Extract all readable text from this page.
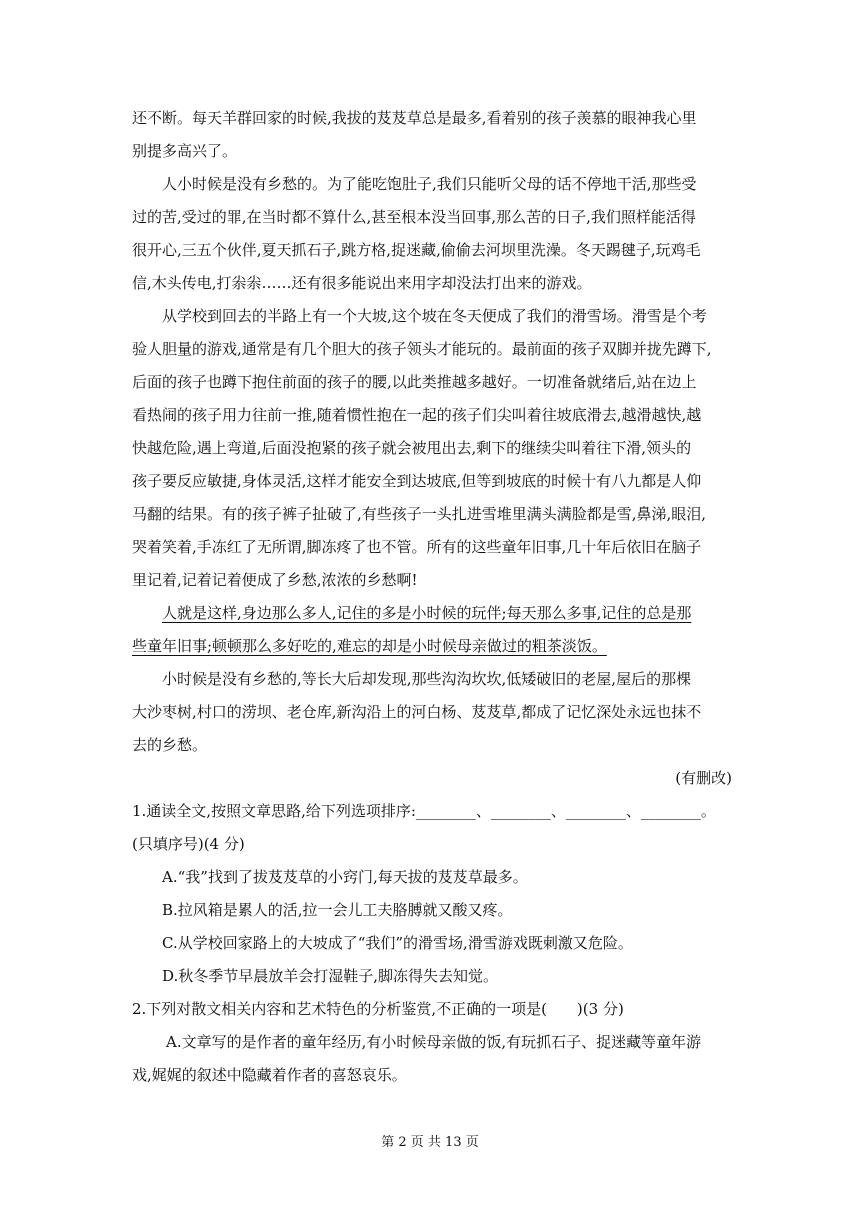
还不断。每天羊群回家的时候,我拔的芨芨草总是最多,看着别的孩子羡慕的眼神我心里
别提多高兴了。
人小时候是没有乡愁的。为了能吃饱肚子,我们只能听父母的话不停地干活,那些受
过的苦,受过的罪,在当时都不算什么,甚至根本没当回事,那么苦的日子,我们照样能活得
很开心,三五个伙伴,夏天抓石子,跳方格,捉迷藏,偷偷去河坝里洗澡。冬天踢毽子,玩鸡毛
信,木头传电,打尜尜……还有很多能说出来用字却没法打出来的游戏。
从学校到回去的半路上有一个大坡,这个坡在冬天便成了我们的滑雪场。滑雪是个考
验人胆量的游戏,通常是有几个胆大的孩子领头才能玩的。最前面的孩子双脚并拢先蹲下,
后面的孩子也蹲下抱住前面的孩子的腰,以此类推越多越好。一切准备就绪后,站在边上
看热闹的孩子用力往前一推,随着惯性抱在一起的孩子们尖叫着往坡底滑去,越滑越快,越
快越危险,遇上弯道,后面没抱紧的孩子就会被甩出去,剩下的继续尖叫着往下滑,领头的
孩子要反应敏捷,身体灵活,这样才能安全到达坡底,但等到坡底的时候十有八九都是人仰
马翻的结果。有的孩子裤子扯破了,有些孩子一头扎进雪堆里满头满脸都是雪,鼻涕,眼泪,
哭着笑着,手冻红了无所谓,脚冻疼了也不管。所有的这些童年旧事,几十年后依旧在脑子
里记着,记着记着便成了乡愁,浓浓的乡愁啊!
人就是这样,身边那么多人,记住的多是小时候的玩伴;每天那么多事,记住的总是那
些童年旧事;顿顿那么多好吃的,难忘的却是小时候母亲做过的粗茶淡饭。
小时候是没有乡愁的,等长大后却发现,那些沟沟坎坎,低矮破旧的老屋,屋后的那棵
大沙枣树,村口的涝坝、老仓库,新沟沿上的河白杨、芨芨草,都成了记忆深处永远也抹不
去的乡愁。
(有删改)
1.通读全文,按照文章思路,给下列选项排序:________、________、________、________。
(只填序号)(4 分)
A.“我”找到了拔芨芨草的小窍门,每天拔的芨芨草最多。
B.拉风箱是累人的活,拉一会儿工夫胳膊就又酸又疼。
C.从学校回家路上的大坡成了“我们”的滑雪场,滑雪游戏既刺激又危险。
D.秋冬季节早晨放羊会打湿鞋子,脚冻得失去知觉。
2.下列对散文相关内容和艺术特色的分析鉴赏,不正确的一项是(　　)(3 分)
A.文章写的是作者的童年经历,有小时候母亲做的饭,有玩抓石子、捉迷藏等童年游
戏,娓娓的叙述中隐藏着作者的喜怒哀乐。
第 2 页 共 13 页
